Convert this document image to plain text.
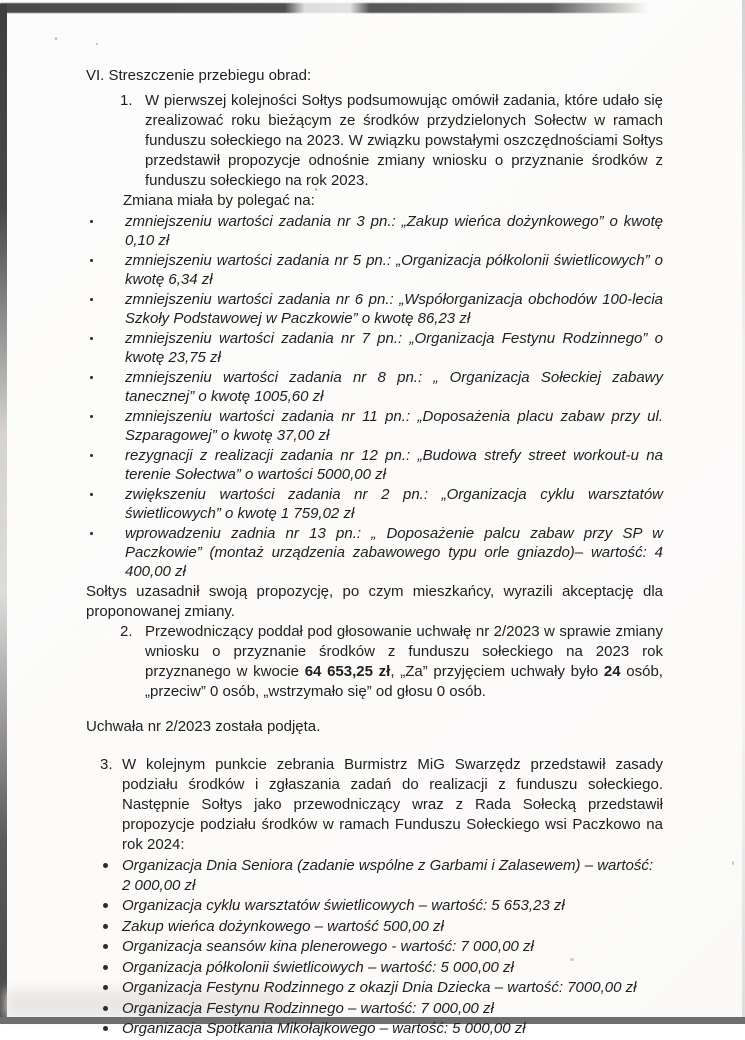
VI. Streszczenie przebiegu obrad:

1. W pierwszej kolejności Sołtys podsumowując omówił zadania, które udało się zrealizować roku bieżącym ze środków przydzielonych Sołectw w ramach funduszu sołeckiego na 2023. W związku powstałymi oszczędnościami Sołtys przedstawił propozycje odnośnie zmiany wniosku o przyznanie środków z funduszu sołeckiego na rok 2023.

Zmiana miała by polegać na:

zmniejszeniu wartości zadania nr 3 pn.: „Zakup wieńca dożynkowego” o kwotę 0,10 zł
zmniejszeniu wartości zadania nr 5 pn.: „Organizacja półkolonii świetlicowych” o kwotę 6,34 zł
zmniejszeniu wartości zadania nr 6 pn.: „Współorganizacja obchodów 100-lecia Szkoły Podstawowej w Paczkowie” o kwotę 86,23 zł
zmniejszeniu wartości zadania nr 7 pn.: „Organizacja Festynu Rodzinnego” o kwotę 23,75 zł
zmniejszeniu wartości zadania nr 8 pn.: „ Organizacja Sołeckiej zabawy tanecznej” o kwotę 1005,60 zł
zmniejszeniu wartości zadania nr 11 pn.: „Doposażenia placu zabaw przy ul. Szparagowej” o kwotę 37,00 zł
rezygnacji z realizacji zadania nr 12 pn.: „Budowa strefy street workout-u na terenie Sołectwa” o wartości 5000,00 zł
zwiększeniu wartości zadania nr 2 pn.: „Organizacja cyklu warsztatów świetlicowych” o kwotę 1 759,02 zł
wprowadzeniu zadnia nr 13 pn.: „ Doposażenie palcu zabaw przy SP w Paczkowie” (montaż urządzenia zabawowego typu orle gniazdo)– wartość: 4 400,00 zł

Sołtys uzasadnił swoją propozycję, po czym mieszkańcy, wyrazili akceptację dla proponowanej zmiany.

2. Przewodniczący poddał pod głosowanie uchwałę nr 2/2023 w sprawie zmiany wniosku o przyznanie środków z funduszu sołeckiego na 2023 rok przyznanego w kwocie 64 653,25 zł, „Za” przyjęciem uchwały było 24 osób, „przeciw” 0 osób, „wstrzymało się” od głosu 0 osób.

Uchwała nr 2/2023 została podjęta.

3. W kolejnym punkcie zebrania Burmistrz MiG Swarzędz przedstawił zasady podziału środków i zgłaszania zadań do realizacji z funduszu sołeckiego. Następnie Sołtys jako przewodniczący wraz z Rada Sołecką przedstawił propozycje podziału środków w ramach Funduszu Sołeckiego wsi Paczkowo na rok 2024:

Organizacja Dnia Seniora (zadanie wspólne z Garbami i Zalasewem) – wartość: 2 000,00 zł
Organizacja cyklu warsztatów świetlicowych – wartość: 5 653,23 zł
Zakup wieńca dożynkowego – wartość 500,00 zł
Organizacja seansów kina plenerowego - wartość: 7 000,00 zł
Organizacja półkolonii świetlicowych – wartość: 5 000,00 zł
Organizacja Festynu Rodzinnego z okazji Dnia Dziecka – wartość: 7000,00 zł
Organizacja Festynu Rodzinnego – wartość: 7 000,00 zł
Organizacja Spotkania Mikołajkowego – wartość: 5 000,00 zł
